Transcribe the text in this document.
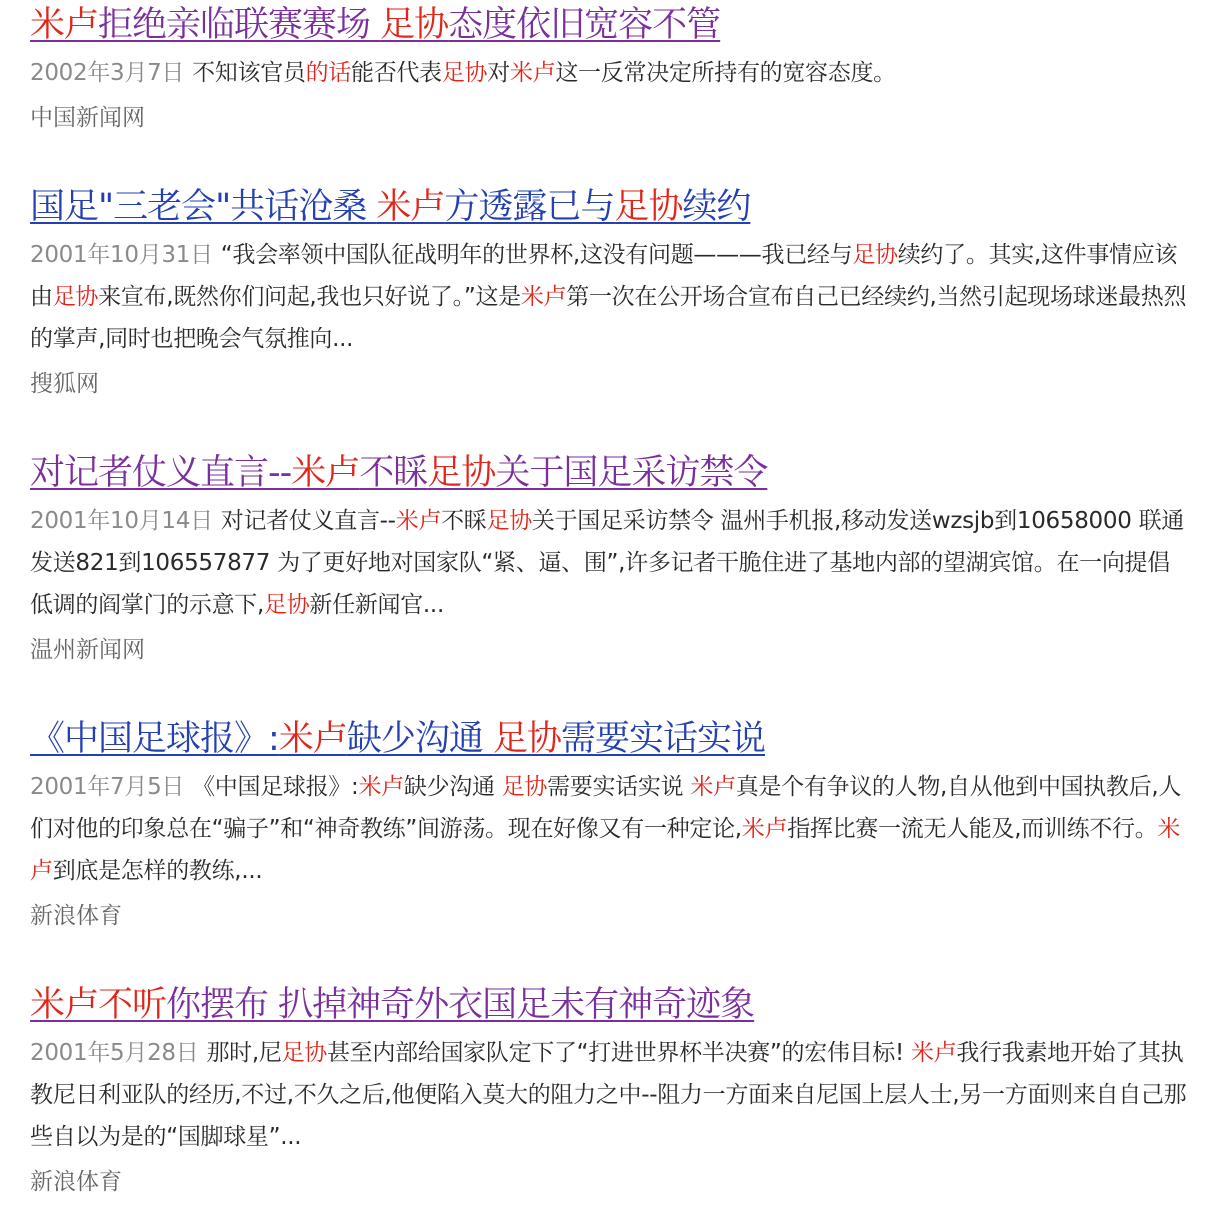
米卢拒绝亲临联赛赛场 足协态度依旧宽容不管
2002年3月7日 不知该官员的话能否代表足协对米卢这一反常决定所持有的宽容态度。
中国新闻网
国足"三老会"共话沧桑 米卢方透露已与足协续约
2001年10月31日 “我会率领中国队征战明年的世界杯,这没有问题———我已经与足协续约了。其实,这件事情应该由足协来宣布,既然你们问起,我也只好说了。”这是米卢第一次在公开场合宣布自己已经续约,当然引起现场球迷最热烈的掌声,同时也把晚会气氛推向...
搜狐网
对记者仗义直言--米卢不睬足协关于国足采访禁令
2001年10月14日 对记者仗义直言--米卢不睬足协关于国足采访禁令 温州手机报,移动发送wzsjb到10658000 联通发送821到106557877 为了更好地对国家队“紧、逼、围”,许多记者干脆住进了基地内部的望湖宾馆。在一向提倡低调的阎掌门的示意下,足协新任新闻官...
温州新闻网
《中国足球报》:米卢缺少沟通 足协需要实话实说
2001年7月5日 《中国足球报》:米卢缺少沟通 足协需要实话实说 米卢真是个有争议的人物,自从他到中国执教后,人们对他的印象总在“骗子”和“神奇教练”间游荡。现在好像又有一种定论,米卢指挥比赛一流无人能及,而训练不行。米卢到底是怎样的教练,...
新浪体育
米卢不听你摆布 扒掉神奇外衣国足未有神奇迹象
2001年5月28日 那时,尼足协甚至内部给国家队定下了“打进世界杯半决赛”的宏伟目标! 米卢我行我素地开始了其执教尼日利亚队的经历,不过,不久之后,他便陷入莫大的阻力之中--阻力一方面来自尼国上层人士,另一方面则来自自己那些自以为是的“国脚球星”...
新浪体育
